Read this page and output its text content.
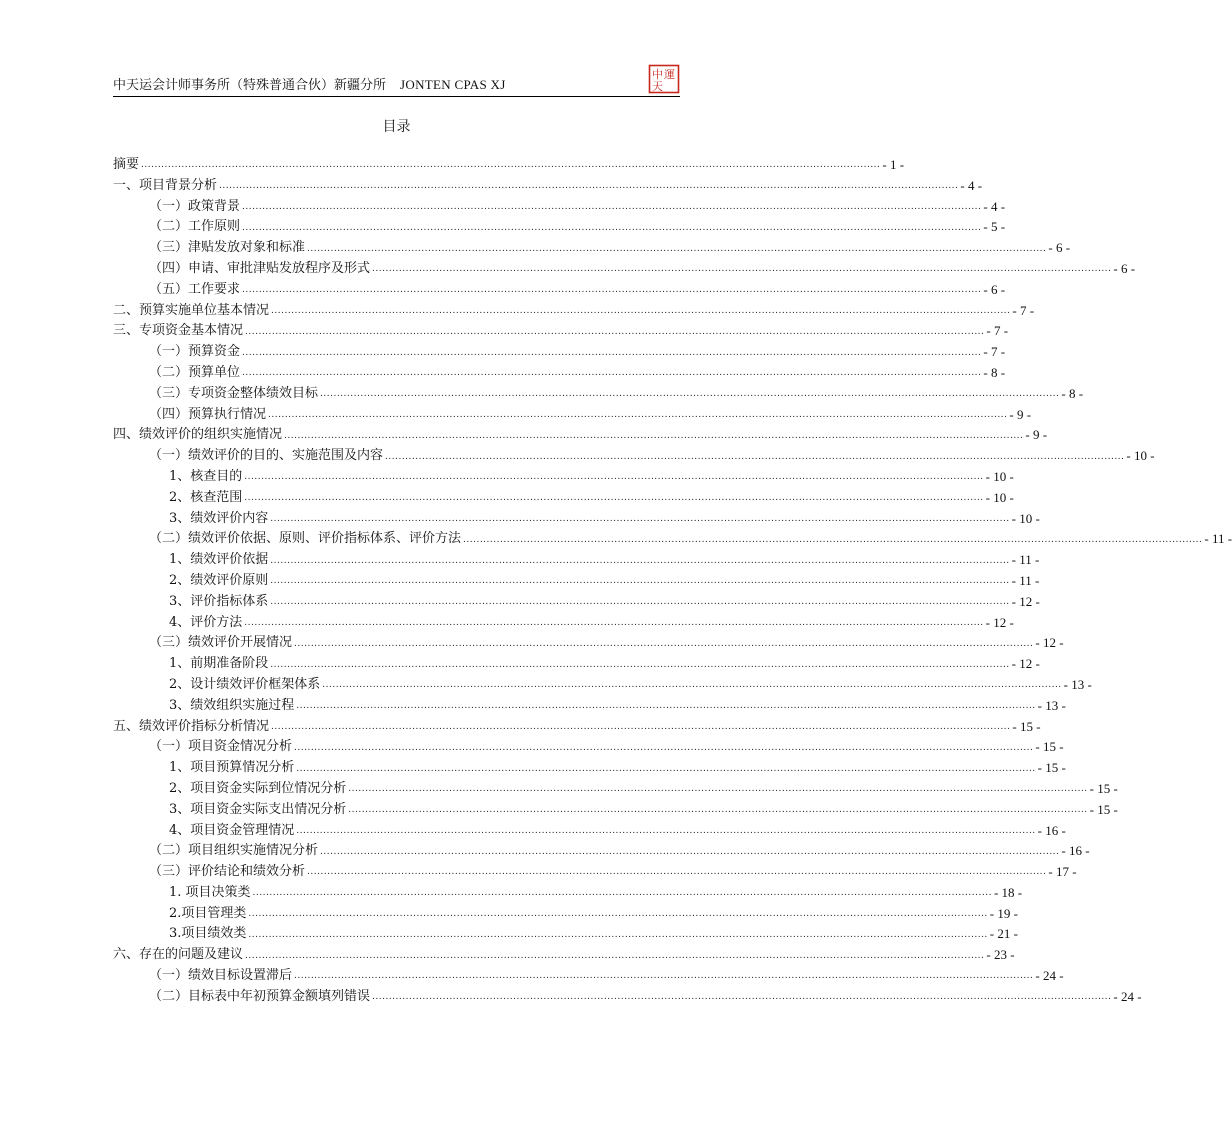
中天运会计师事务所（特殊普通合伙）新疆分所 JONTEN CPAS XJ
中 運
天
目录
摘要 ............................................................................................................................................................................................................................ - 1 -
一、项目背景分析 ............................................................................................................................................................................................................................ - 4 -
（一）政策背景 ............................................................................................................................................................................................................................ - 4 -
（二）工作原则 ............................................................................................................................................................................................................................ - 5 -
（三）津贴发放对象和标准 ............................................................................................................................................................................................................................ - 6 -
（四）申请、审批津贴发放程序及形式 ............................................................................................................................................................................................................................ - 6 -
（五）工作要求 ............................................................................................................................................................................................................................ - 6 -
二、预算实施单位基本情况 ............................................................................................................................................................................................................................ - 7 -
三、专项资金基本情况 ............................................................................................................................................................................................................................ - 7 -
（一）预算资金 ............................................................................................................................................................................................................................ - 7 -
（二）预算单位 ............................................................................................................................................................................................................................ - 8 -
（三）专项资金整体绩效目标 ............................................................................................................................................................................................................................ - 8 -
（四）预算执行情况 ............................................................................................................................................................................................................................ - 9 -
四、绩效评价的组织实施情况 ............................................................................................................................................................................................................................ - 9 -
（一）绩效评价的目的、实施范围及内容 ............................................................................................................................................................................................................................ - 10 -
1、核查目的 ............................................................................................................................................................................................................................ - 10 -
2、核查范围 ............................................................................................................................................................................................................................ - 10 -
3、绩效评价内容 ............................................................................................................................................................................................................................ - 10 -
（二）绩效评价依据、原则、评价指标体系、评价方法 ............................................................................................................................................................................................................................ - 11 -
1、绩效评价依据 ............................................................................................................................................................................................................................ - 11 -
2、绩效评价原则 ............................................................................................................................................................................................................................ - 11 -
3、评价指标体系 ............................................................................................................................................................................................................................ - 12 -
4、评价方法 ............................................................................................................................................................................................................................ - 12 -
（三）绩效评价开展情况 ............................................................................................................................................................................................................................ - 12 -
1、前期准备阶段 ............................................................................................................................................................................................................................ - 12 -
2、设计绩效评价框架体系 ............................................................................................................................................................................................................................ - 13 -
3、绩效组织实施过程 ............................................................................................................................................................................................................................ - 13 -
五、绩效评价指标分析情况 ............................................................................................................................................................................................................................ - 15 -
（一）项目资金情况分析 ............................................................................................................................................................................................................................ - 15 -
1、项目预算情况分析 ............................................................................................................................................................................................................................ - 15 -
2、项目资金实际到位情况分析 ............................................................................................................................................................................................................................ - 15 -
3、项目资金实际支出情况分析 ............................................................................................................................................................................................................................ - 15 -
4、项目资金管理情况 ............................................................................................................................................................................................................................ - 16 -
（二）项目组织实施情况分析 ............................................................................................................................................................................................................................ - 16 -
（三）评价结论和绩效分析 ............................................................................................................................................................................................................................ - 17 -
1. 项目决策类 ............................................................................................................................................................................................................................ - 18 -
2.项目管理类 ............................................................................................................................................................................................................................ - 19 -
3.项目绩效类 ............................................................................................................................................................................................................................ - 21 -
六、存在的问题及建议 ............................................................................................................................................................................................................................ - 23 -
（一）绩效目标设置滞后 ............................................................................................................................................................................................................................ - 24 -
（二）目标表中年初预算金额填列错误 ............................................................................................................................................................................................................................ - 24 -
